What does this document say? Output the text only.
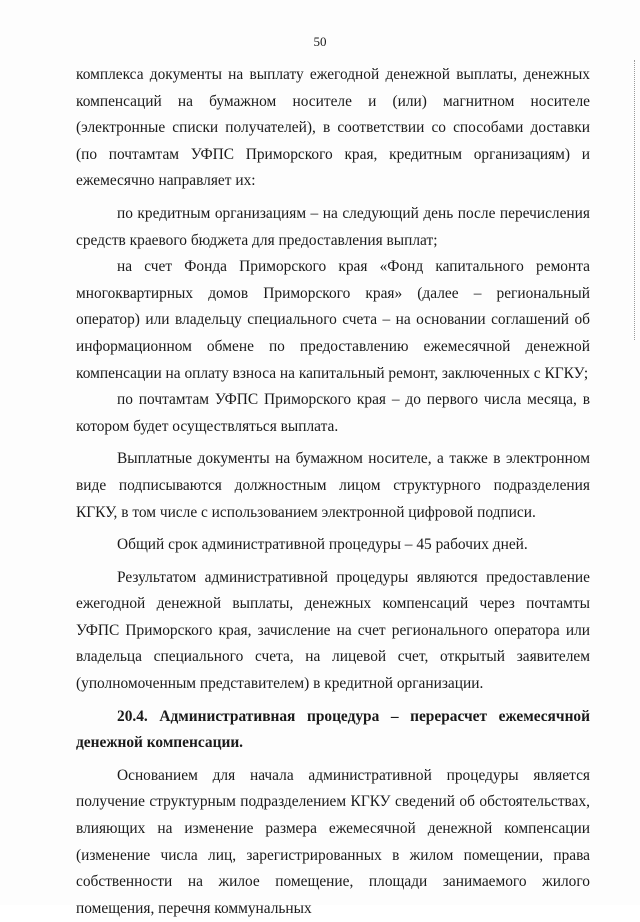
50

комплекса документы на выплату ежегодной денежной выплаты, денежных компенсаций на бумажном носителе и (или) магнитном носителе (электронные списки получателей), в соответствии со способами доставки (по почтамтам УФПС Приморского края, кредитным организациям) и ежемесячно направляет их:

по кредитным организациям – на следующий день после перечисления средств краевого бюджета для предоставления выплат;

на счет Фонда Приморского края «Фонд капитального ремонта многоквартирных домов Приморского края» (далее – региональный оператор) или владельцу специального счета – на основании соглашений об информационном обмене по предоставлению ежемесячной денежной компенсации на оплату взноса на капитальный ремонт, заключенных с КГКУ;

по почтамтам УФПС Приморского края – до первого числа месяца, в котором будет осуществляться выплата.

Выплатные документы на бумажном носителе, а также в электронном виде подписываются должностным лицом структурного подразделения КГКУ, в том числе с использованием электронной цифровой подписи.

Общий срок административной процедуры – 45 рабочих дней.

Результатом административной процедуры являются предоставление ежегодной денежной выплаты, денежных компенсаций через почтамты УФПС Приморского края, зачисление на счет регионального оператора или владельца специального счета, на лицевой счет, открытый заявителем (уполномоченным представителем) в кредитной организации.

20.4. Административная процедура – перерасчет ежемесячной денежной компенсации.

Основанием для начала административной процедуры является получение структурным подразделением КГКУ сведений об обстоятельствах, влияющих на изменение размера ежемесячной денежной компенсации (изменение числа лиц, зарегистрированных в жилом помещении, права собственности на жилое помещение, площади занимаемого жилого помещения, перечня коммунальных
